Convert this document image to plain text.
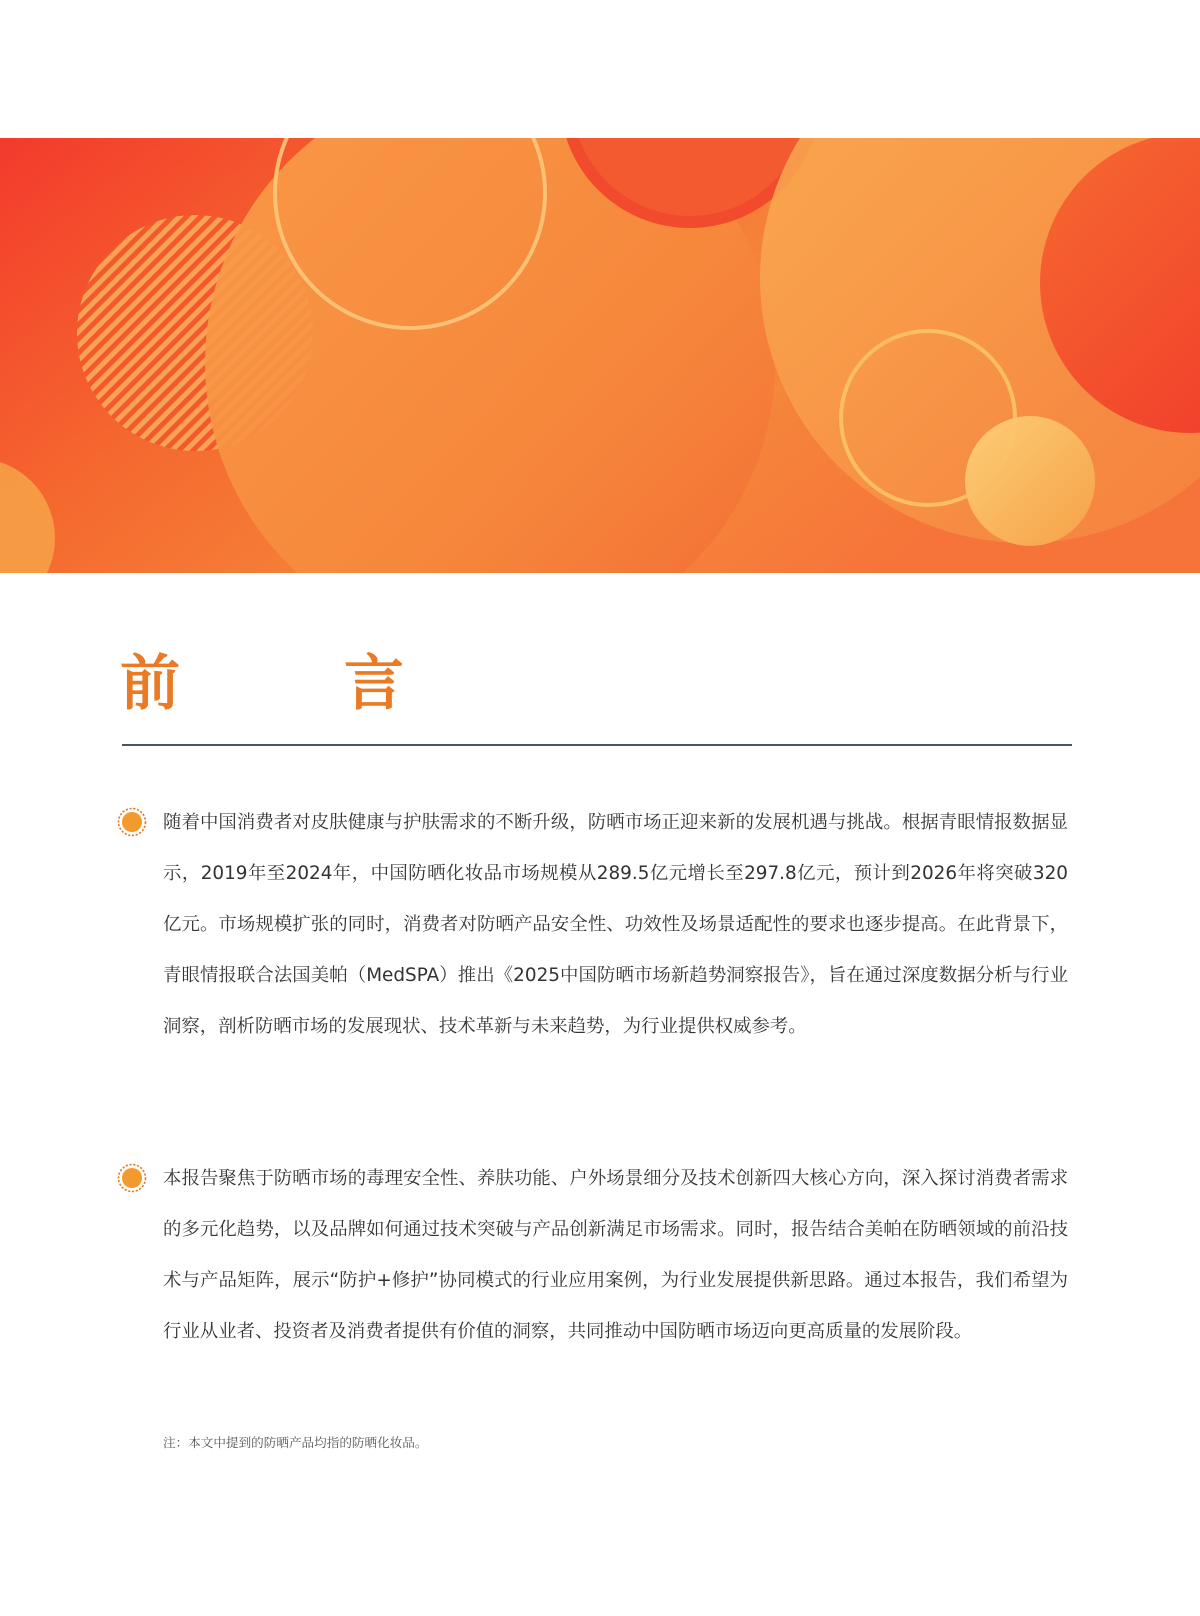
前　言

随着中国消费者对皮肤健康与护肤需求的不断升级，防晒市场正迎来新的发展机遇与挑战。根据青眼情报数据显示，2019年至2024年，中国防晒化妆品市场规模从289.5亿元增长至297.8亿元，预计到2026年将突破320亿元。市场规模扩张的同时，消费者对防晒产品安全性、功效性及场景适配性的要求也逐步提高。在此背景下，青眼情报联合法国美帕（MedSPA）推出《2025中国防晒市场新趋势洞察报告》，旨在通过深度数据分析与行业洞察，剖析防晒市场的发展现状、技术革新与未来趋势，为行业提供权威参考。

本报告聚焦于防晒市场的毒理安全性、养肤功能、户外场景细分及技术创新四大核心方向，深入探讨消费者需求的多元化趋势，以及品牌如何通过技术突破与产品创新满足市场需求。同时，报告结合美帕在防晒领域的前沿技术与产品矩阵，展示“防护+修护”协同模式的行业应用案例，为行业发展提供新思路。通过本报告，我们希望为行业从业者、投资者及消费者提供有价值的洞察，共同推动中国防晒市场迈向更高质量的发展阶段。

注：本文中提到的防晒产品均指的防晒化妆品。
